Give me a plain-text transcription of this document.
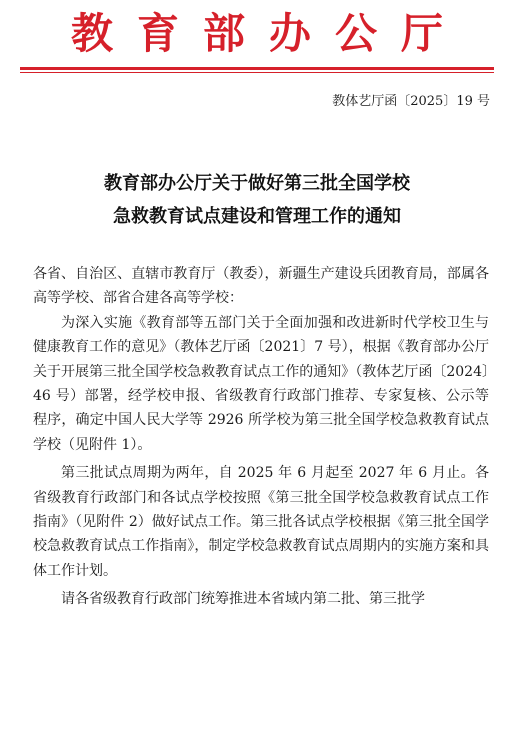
教育部办公厅
教体艺厅函〔2025〕19 号
教育部办公厅关于做好第三批全国学校
急救教育试点建设和管理工作的通知

各省、自治区、直辖市教育厅（教委），新疆生产建设兵团教育局，部属各高等学校、部省合建各高等学校：

为深入实施《教育部等五部门关于全面加强和改进新时代学校卫生与健康教育工作的意见》（教体艺厅函〔2021〕7 号），根据《教育部办公厅关于开展第三批全国学校急救教育试点工作的通知》（教体艺厅函〔2024〕46 号）部署，经学校申报、省级教育行政部门推荐、专家复核、公示等程序，确定中国人民大学等 2926 所学校为第三批全国学校急救教育试点学校（见附件 1）。

第三批试点周期为两年，自 2025 年 6 月起至 2027 年 6 月止。各省级教育行政部门和各试点学校按照《第三批全国学校急救教育试点工作指南》（见附件 2）做好试点工作。第三批各试点学校根据《第三批全国学校急救教育试点工作指南》，制定学校急救教育试点周期内的实施方案和具体工作计划。

请各省级教育行政部门统筹推进本省域内第二批、第三批学
